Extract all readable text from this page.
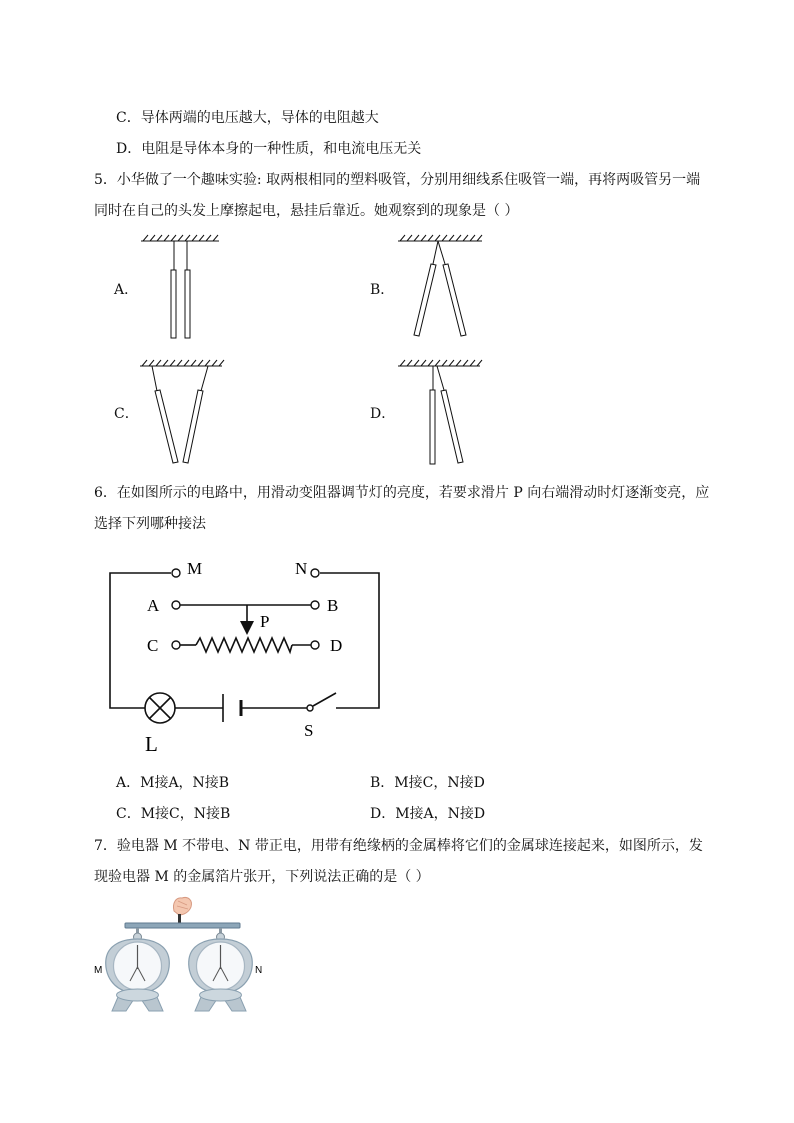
C．导体两端的电压越大，导体的电阻越大
D．电阻是导体本身的一种性质，和电流电压无关
5．小华做了一个趣味实验: 取两根相同的塑料吸管，分别用细线系住吸管一端，再将两吸管另一端
同时在自己的头发上摩擦起电，悬挂后靠近。她观察到的现象是（ ）
A．	B．
C．	D．
6．在如图所示的电路中，用滑动变阻器调节灯的亮度，若要求滑片 P 向右端滑动时灯逐渐变亮，应
选择下列哪种接法
M	N
A	B
P
C	D
L
S
A．M接A，N接B	B．M接C，N接D
C．M接C，N接B	D．M接A，N接D
7．验电器 M 不带电、N 带正电，用带有绝缘柄的金属棒将它们的金属球连接起来，如图所示，发
现验电器 M 的金属箔片张开，下列说法正确的是（ ）
M	N
